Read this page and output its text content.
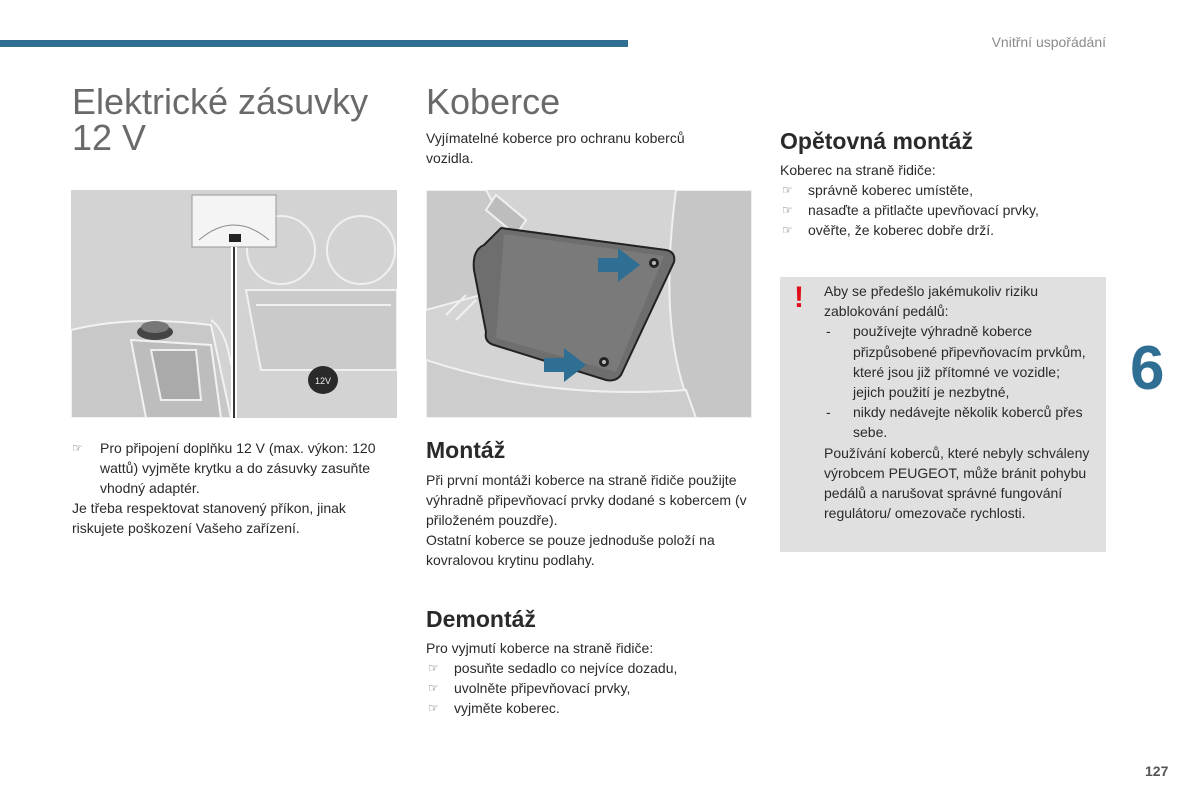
Vnitřní uspořádání
Elektrické zásuvky
12 V
12V
☞ Pro připojení doplňku 12 V (max. výkon: 120 wattů) vyjměte krytku a do zásuvky zasuňte vhodný adaptér.

Je třeba respektovat stanovený příkon, jinak riskujete poškození Vašeho zařízení.

Koberce
Vyjímatelné koberce pro ochranu koberců vozidla.
Montáž

Při první montáži koberce na straně řidiče použijte výhradně připevňovací prvky dodané s kobercem (v přiloženém pouzdře).

Ostatní koberce se pouze jednoduše položí na kovralovou krytinu podlahy.

Demontáž

Pro vyjmutí koberce na straně řidiče:

☞ posuňte sedadlo co nejvíce dozadu,
☞ uvolněte připevňovací prvky,
☞ vyjměte koberec.
Opětovná montáž

Koberec na straně řidiče:

☞ správně koberec umístěte,
☞ nasaďte a přitlačte upevňovací prvky,
☞ ověřte, že koberec dobře drží.
! Aby se předešlo jakémukoliv riziku zablokování pedálů:
- používejte výhradně koberce přizpůsobené připevňovacím prvkům, které jsou již přítomné ve vozidle; jejich použití je nezbytné,
- nikdy nedávejte několik koberců přes sebe.
Používání koberců, které nebyly schváleny výrobcem PEUGEOT, může bránit pohybu pedálů a narušovat správné fungování regulátoru/ omezovače rychlosti.
6
127
